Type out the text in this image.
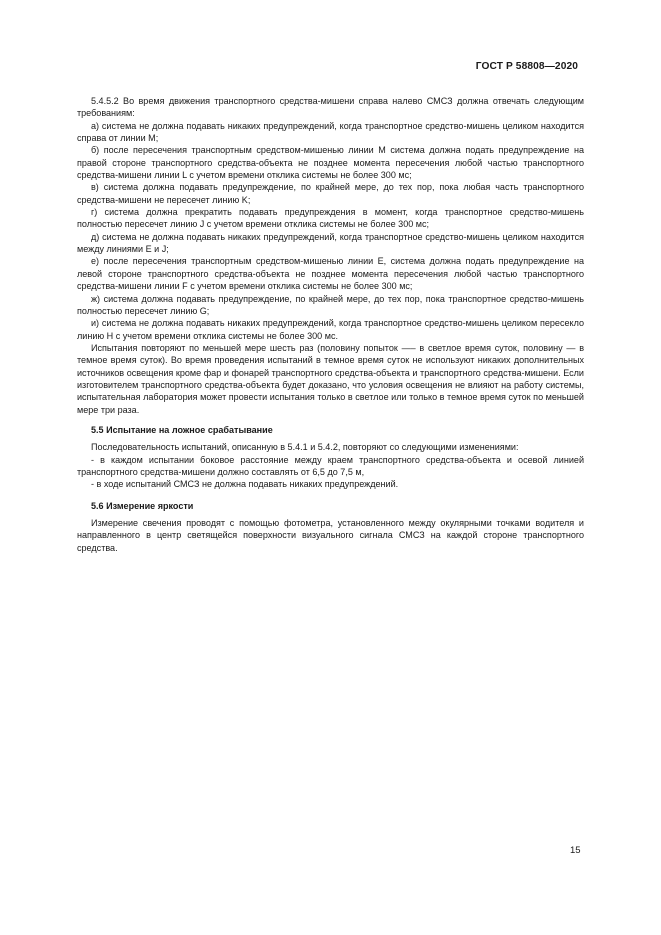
ГОСТ Р 58808—2020

5.4.5.2 Во время движения транспортного средства-мишени справа налево СМСЗ должна отвечать следующим требованиям:

а) система не должна подавать никаких предупреждений, когда транспортное средство-мишень целиком находится справа от линии М;

б) после пересечения транспортным средством-мишенью линии М система должна подать предупреждение на правой стороне транспортного средства-объекта не позднее момента пересечения любой частью транспортного средства-мишени линии L с учетом времени отклика системы не более 300 мс;

в) система должна подавать предупреждение, по крайней мере, до тех пор, пока любая часть транспортного средства-мишени не пересечет линию K;

г) система должна прекратить подавать предупреждения в момент, когда транспортное средство-мишень полностью пересечет линию J с учетом времени отклика системы не более 300 мс;

д) система не должна подавать никаких предупреждений, когда транспортное средство-мишень целиком находится между линиями E и J;

е) после пересечения транспортным средством-мишенью линии E, система должна подать предупреждение на левой стороне транспортного средства-объекта не позднее момента пересечения любой частью транспортного средства-мишени линии F с учетом времени отклика системы не более 300 мс;

ж) система должна подавать предупреждение, по крайней мере, до тех пор, пока транспортное средство-мишень полностью пересечет линию G;

и) система не должна подавать никаких предупреждений, когда транспортное средство-мишень целиком пересекло линию H с учетом времени отклика системы не более 300 мс.

Испытания повторяют по меньшей мере шесть раз (половину попыток —– в светлое время суток, половину — в темное время суток). Во время проведения испытаний в темное время суток не используют никаких дополнительных источников освещения кроме фар и фонарей транспортного средства-объекта и транспортного средства-мишени. Если изготовителем транспортного средства-объекта будет доказано, что условия освещения не влияют на работу системы, испытательная лаборатория может провести испытания только в светлое или только в темное время суток по меньшей мере три раза.

5.5 Испытание на ложное срабатывание

Последовательность испытаний, описанную в 5.4.1 и 5.4.2, повторяют со следующими изменениями:

- в каждом испытании боковое расстояние между краем транспортного средства-объекта и осевой линией транспортного средства-мишени должно составлять от 6,5 до 7,5 м,

- в ходе испытаний СМСЗ не должна подавать никаких предупреждений.

5.6 Измерение яркости

Измерение свечения проводят с помощью фотометра, установленного между окулярными точками водителя и направленного в центр светящейся поверхности визуального сигнала СМСЗ на каждой стороне транспортного средства.

15
